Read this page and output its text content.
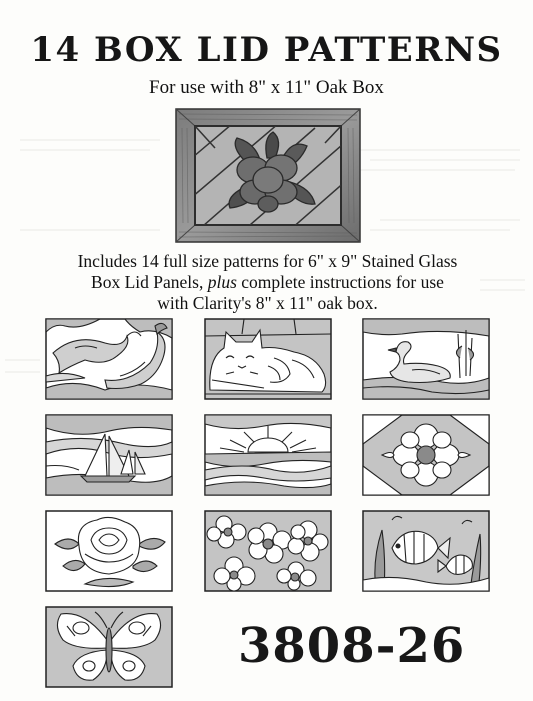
14 BOX LID PATTERNS
For use with 8" x 11" Oak Box
Includes 14 full size patterns for 6" x 9" Stained Glass
Box Lid Panels, plus complete instructions for use
with Clarity's 8" x 11" oak box.
3808-26
